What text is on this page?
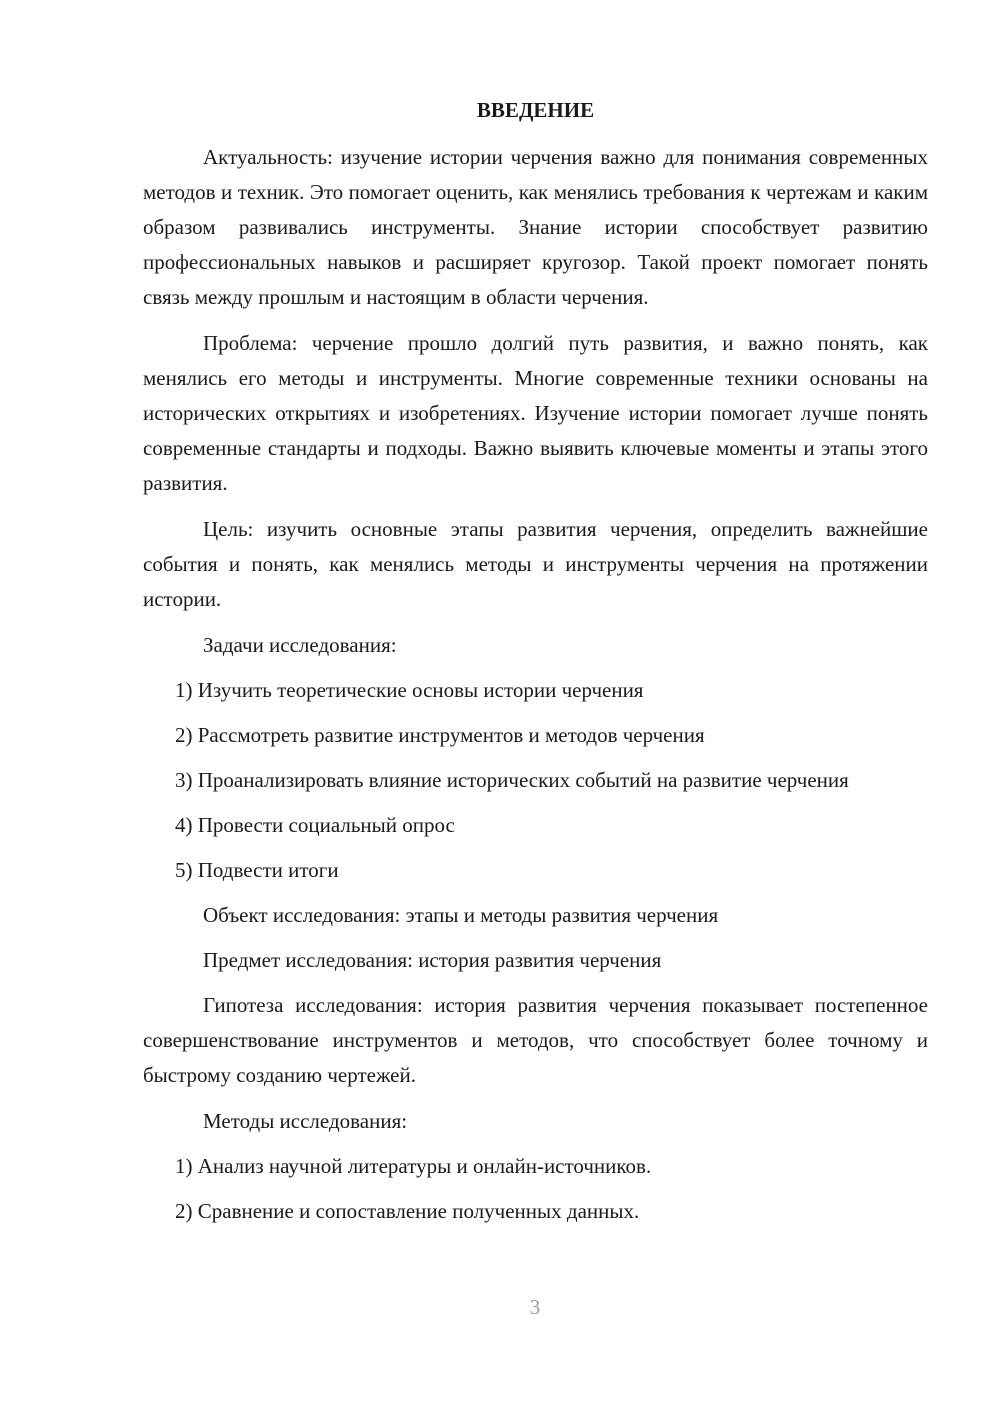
ВВЕДЕНИЕ

Актуальность: изучение истории черчения важно для понимания современных методов и техник. Это помогает оценить, как менялись требования к чертежам и каким образом развивались инструменты. Знание истории способствует развитию профессиональных навыков и расширяет кругозор. Такой проект помогает понять связь между прошлым и настоящим в области черчения.

Проблема: черчение прошло долгий путь развития, и важно понять, как менялись его методы и инструменты. Многие современные техники основаны на исторических открытиях и изобретениях. Изучение истории помогает лучше понять современные стандарты и подходы. Важно выявить ключевые моменты и этапы этого развития.

Цель: изучить основные этапы развития черчения, определить важнейшие события и понять, как менялись методы и инструменты черчения на протяжении истории.

Задачи исследования:

1) Изучить теоретические основы истории черчения

2) Рассмотреть развитие инструментов и методов черчения

3) Проанализировать влияние исторических событий на развитие черчения

4) Провести социальный опрос

5) Подвести итоги

Объект исследования: этапы и методы развития черчения

Предмет исследования: история развития черчения

Гипотеза исследования: история развития черчения показывает постепенное совершенствование инструментов и методов, что способствует более точному и быстрому созданию чертежей.

Методы исследования:

1) Анализ научной литературы и онлайн-источников.

2) Сравнение и сопоставление полученных данных.

3
